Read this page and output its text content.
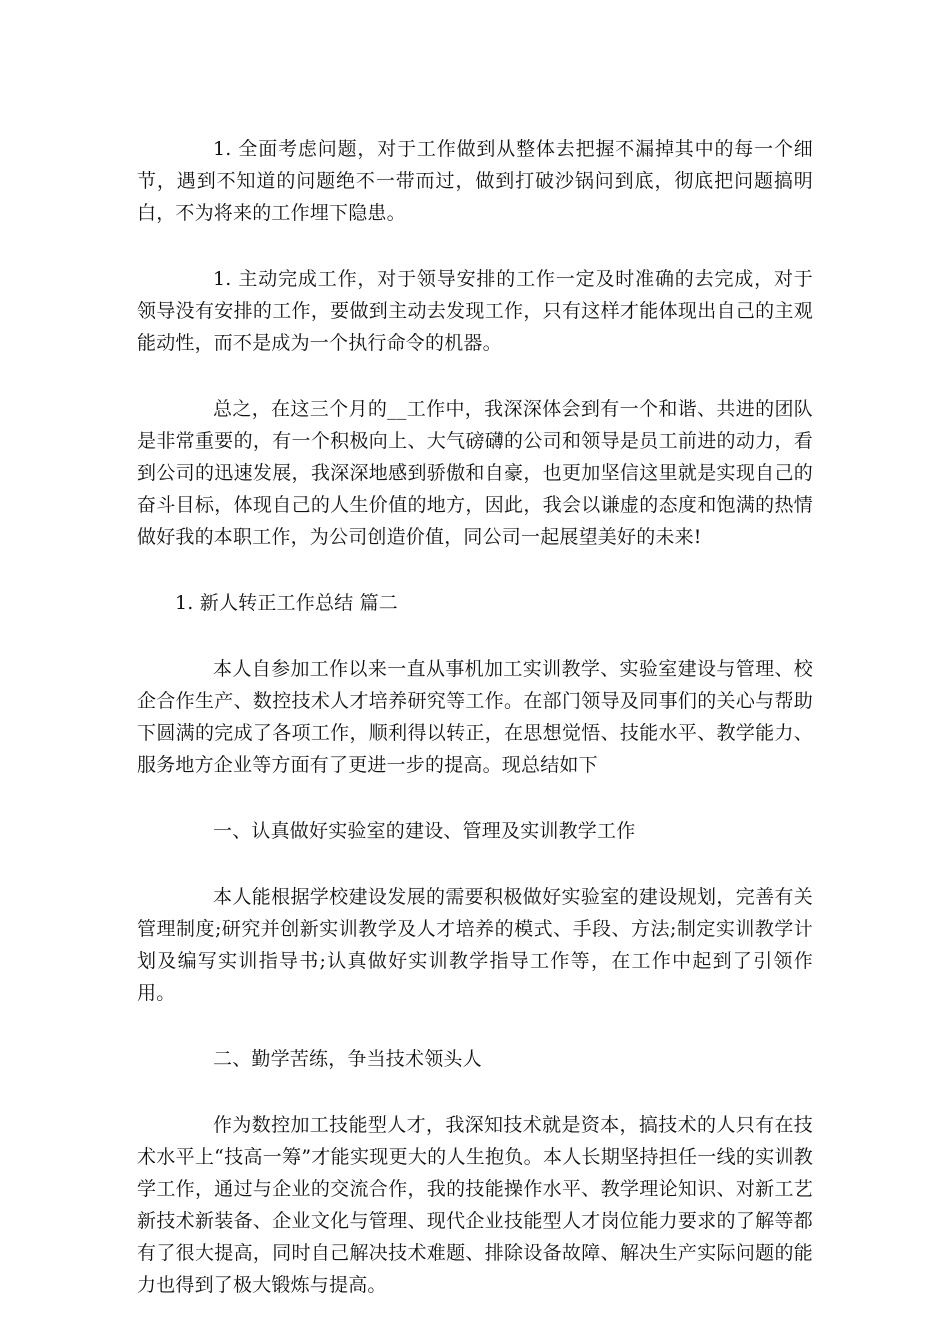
1. 全面考虑问题，对于工作做到从整体去把握不漏掉其中的每一个细节，遇到不知道的问题绝不一带而过，做到打破沙锅问到底，彻底把问题搞明白，不为将来的工作埋下隐患。

1. 主动完成工作，对于领导安排的工作一定及时准确的去完成，对于领导没有安排的工作，要做到主动去发现工作，只有这样才能体现出自己的主观能动性，而不是成为一个执行命令的机器。

总之，在这三个月的__工作中，我深深体会到有一个和谐、共进的团队是非常重要的，有一个积极向上、大气磅礴的公司和领导是员工前进的动力，看到公司的迅速发展，我深深地感到骄傲和自豪，也更加坚信这里就是实现自己的奋斗目标，体现自己的人生价值的地方，因此，我会以谦虚的态度和饱满的热情做好我的本职工作，为公司创造价值，同公司一起展望美好的未来!

1. 新人转正工作总结 篇二

本人自参加工作以来一直从事机加工实训教学、实验室建设与管理、校企合作生产、数控技术人才培养研究等工作。在部门领导及同事们的关心与帮助下圆满的完成了各项工作，顺利得以转正，在思想觉悟、技能水平、教学能力、服务地方企业等方面有了更进一步的提高。现总结如下

一、认真做好实验室的建设、管理及实训教学工作

本人能根据学校建设发展的需要积极做好实验室的建设规划，完善有关管理制度;研究并创新实训教学及人才培养的模式、手段、方法;制定实训教学计划及编写实训指导书;认真做好实训教学指导工作等，在工作中起到了引领作用。

二、勤学苦练，争当技术领头人

作为数控加工技能型人才，我深知技术就是资本，搞技术的人只有在技术水平上“技高一筹”才能实现更大的人生抱负。本人长期坚持担任一线的实训教学工作，通过与企业的交流合作，我的技能操作水平、教学理论知识、对新工艺新技术新装备、企业文化与管理、现代企业技能型人才岗位能力要求的了解等都有了很大提高，同时自己解决技术难题、排除设备故障、解决生产实际问题的能力也得到了极大锻炼与提高。
